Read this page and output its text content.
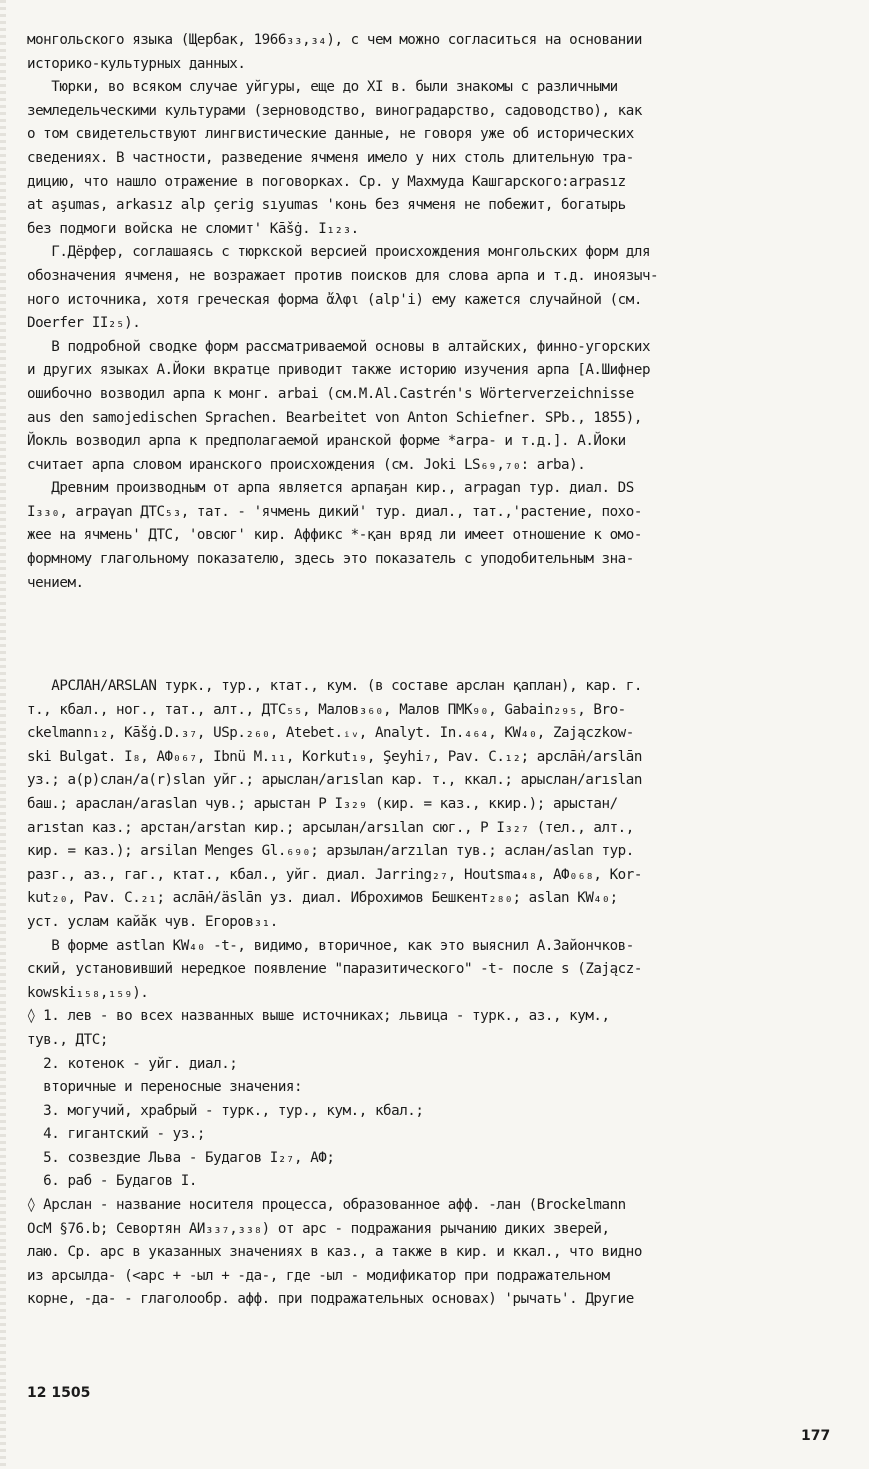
монгольского языка (Щербак, 1966₃₃,₃₄), с чем можно согласиться на основании
историко-культурных данных.
Тюрки, во всяком случае уйгуры, еще до XI в. были знакомы с различными
земледельческими культурами (зерноводство, виноградарство, садоводство), как
о том свидетельствуют лингвистические данные, не говоря уже об исторических
сведениях. В частности, разведение ячменя имело у них столь длительную тра-
дицию, что нашло отражение в поговорках. Ср. у Махмуда Кашгарского:arpasız
at aşumas, arkasız alp çerig sıyumas 'конь без ячменя не побежит, богатырь
без подмоги войска не сломит' Kāšġ. I₁₂₃.
Г.Дёрфер, соглашаясь с тюркской версией происхождения монгольских форм для
обозначения ячменя, не возражает против поисков для слова арпа и т.д. иноязыч-
ного источника, хотя греческая форма ἄλφι (alp'i) ему кажется случайной (см.
Doerfer II₂₅).
В подробной сводке форм рассматриваемой основы в алтайских, финно-угорских
и других языках А.Йоки вкратце приводит также историю изучения арпа [А.Шифнер
ошибочно возводил арпа к монг. arbai (см.M.Al.Castrén's Wörterverzeichnisse
aus den samojedischen Sprachen. Bearbeitet von Anton Schiefner. SPb., 1855),
Йокль возводил арпа к предполагаемой иранской форме *arpa- и т.д.]. А.Йоки
считает арпа словом иранского происхождения (см. Joki LS₆₉,₇₀: arba).
Древним производным от арпа является арпаҕан кир., arpagan тур. диал. DS
I₃₃₀, arpaγan ДТС₅₃, тат. - 'ячмень дикий' тур. диал., тат.,'растение, похо-
жее на ячмень' ДТС, 'овсюг' кир. Аффикс *-қан вряд ли имеет отношение к омо-
формному глагольному показателю, здесь это показатель с уподобительным зна-
чением.
АРСЛАН/ARSLAN турк., тур., ктат., кум. (в составе арслан қаплан), кар. г.
т., кбал., ног., тат., алт., ДТС₅₅, Малов₃₆₀, Малов ПМК₉₀, Gabain₂₉₅, Bro-
ckelmann₁₂, Kāšġ.D.₃₇, USp.₂₆₀, Atebet.ᵢᵥ, Analyt. In.₄₆₄, KW₄₀, Zajączkow-
ski Bulgat. I₈, АФ₀₆₇, Ibnü M.₁₁, Korkut₁₉, Şeyhi₇, Pav. C.₁₂; арслā̇н/arslān
уз.; а(р)слан/a(r)slan уйг.; арыслан/arıslan кар. т., ккал.; арыслан/arıslan
баш.; араслан/araslan чув.; арыстан Р I₃₂₉ (кир. = каз., ккир.); арыстан/
arıstan каз.; арстан/arstan кир.; арсылан/arsılan сюг., Р I₃₂₇ (тел., алт.,
кир. = каз.); arsilan Menges Gl.₆₉₀; арзылан/arzılan тув.; аслан/aslan тур.
разг., аз., гаг., ктат., кбал., уйг. диал. Jarring₂₇, Houtsma₄₈, АФ₀₆₈, Kor-
kut₂₀, Pav. C.₂₁; аслā̇н/äslān уз. диал. Иброхимов Бешкент₂₈₀; aslan KW₄₀;
уст. услам кайӑк чув. Егоров₃₁.
В форме astlan KW₄₀ -t-, видимо, вторичное, как это выяснил А.Зайончков-
ский, установивший нередкое появление "паразитического" -t- после s (Zającz-
kowski₁₅₈,₁₅₉).
◊ 1. лев - во всех названных выше источниках; львица - турк., аз., кум.,
тув., ДТС;
2. котенок - уйг. диал.;
вторичные и переносные значения:
3. могучий, храбрый - турк., тур., кум., кбал.;
4. гигантский - уз.;
5. созвездие Льва - Будагов I₂₇, АФ;
6. раб - Будагов I.
◊ Арслан - название носителя процесса, образованное афф. -лан (Brockelmann
OсМ §76.b; Севортян АИ₃₃₇,₃₃₈) от арс - подражания рычанию диких зверей,
лаю. Ср. арс в указанных значениях в каз., а также в кир. и ккал., что видно
из арсылда- (<арс + -ыл + -да-, где -ыл - модификатор при подражательном
корне, -да- - глаголообр. афф. при подражательных основах) 'рычать'. Другие
12 1505
177
